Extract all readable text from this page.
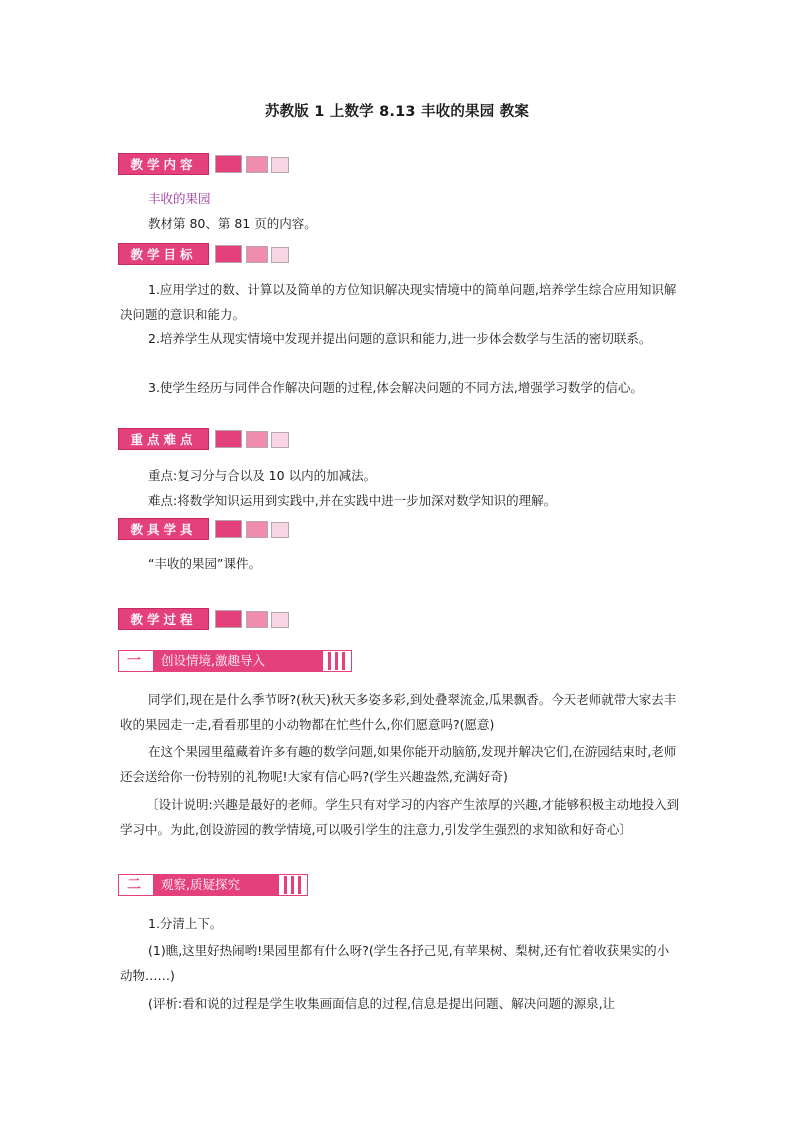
苏教版 1 上数学 8.13 丰收的果园 教案
教学内容
丰收的果园
教材第 80、第 81 页的内容。
教学目标
1.应用学过的数、计算以及简单的方位知识解决现实情境中的简单问题,培养学生综合应用知识解决问题的意识和能力。
2.培养学生从现实情境中发现并提出问题的意识和能力,进一步体会数学与生活的密切联系。
3.使学生经历与同伴合作解决问题的过程,体会解决问题的不同方法,增强学习数学的信心。
重点难点
重点:复习分与合以及 10 以内的加减法。
难点:将数学知识运用到实践中,并在实践中进一步加深对数学知识的理解。
教具学具
“丰收的果园”课件。
教学过程
一	创设情境,激趣导入
同学们,现在是什么季节呀?(秋天)秋天多姿多彩,到处叠翠流金,瓜果飘香。今天老师就带大家去丰收的果园走一走,看看那里的小动物都在忙些什么,你们愿意吗?(愿意)
在这个果园里蕴藏着许多有趣的数学问题,如果你能开动脑筋,发现并解决它们,在游园结束时,老师还会送给你一份特别的礼物呢!大家有信心吗?(学生兴趣盎然,充满好奇)
〔设计说明:兴趣是最好的老师。学生只有对学习的内容产生浓厚的兴趣,才能够积极主动地投入到学习中。为此,创设游园的教学情境,可以吸引学生的注意力,引发学生强烈的求知欲和好奇心〕
二	观察,质疑探究
1.分清上下。
(1)瞧,这里好热闹哟!果园里都有什么呀?(学生各抒己见,有苹果树、梨树,还有忙着收获果实的小动物……)
(评析:看和说的过程是学生收集画面信息的过程,信息是提出问题、解决问题的源泉,让
